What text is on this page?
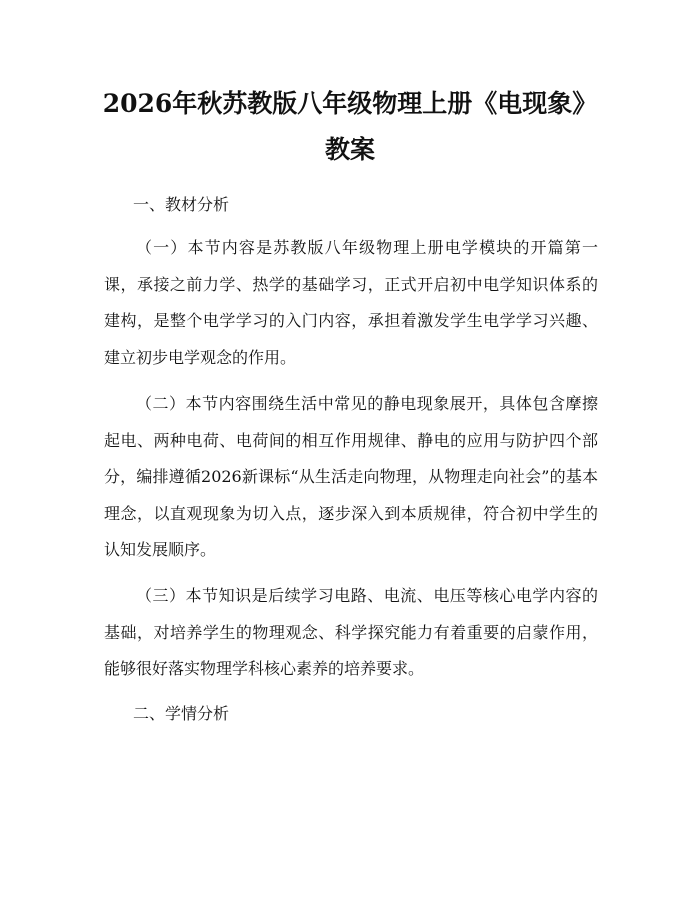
2026年秋苏教版八年级物理上册《电现象》
教案

一、教材分析

（一）本节内容是苏教版八年级物理上册电学模块的开篇第一课，承接之前力学、热学的基础学习，正式开启初中电学知识体系的建构，是整个电学学习的入门内容，承担着激发学生电学学习兴趣、建立初步电学观念的作用。

（二）本节内容围绕生活中常见的静电现象展开，具体包含摩擦起电、两种电荷、电荷间的相互作用规律、静电的应用与防护四个部分，编排遵循2026新课标“从生活走向物理，从物理走向社会”的基本理念，以直观现象为切入点，逐步深入到本质规律，符合初中学生的认知发展顺序。

（三）本节知识是后续学习电路、电流、电压等核心电学内容的基础，对培养学生的物理观念、科学探究能力有着重要的启蒙作用，能够很好落实物理学科核心素养的培养要求。

二、学情分析
